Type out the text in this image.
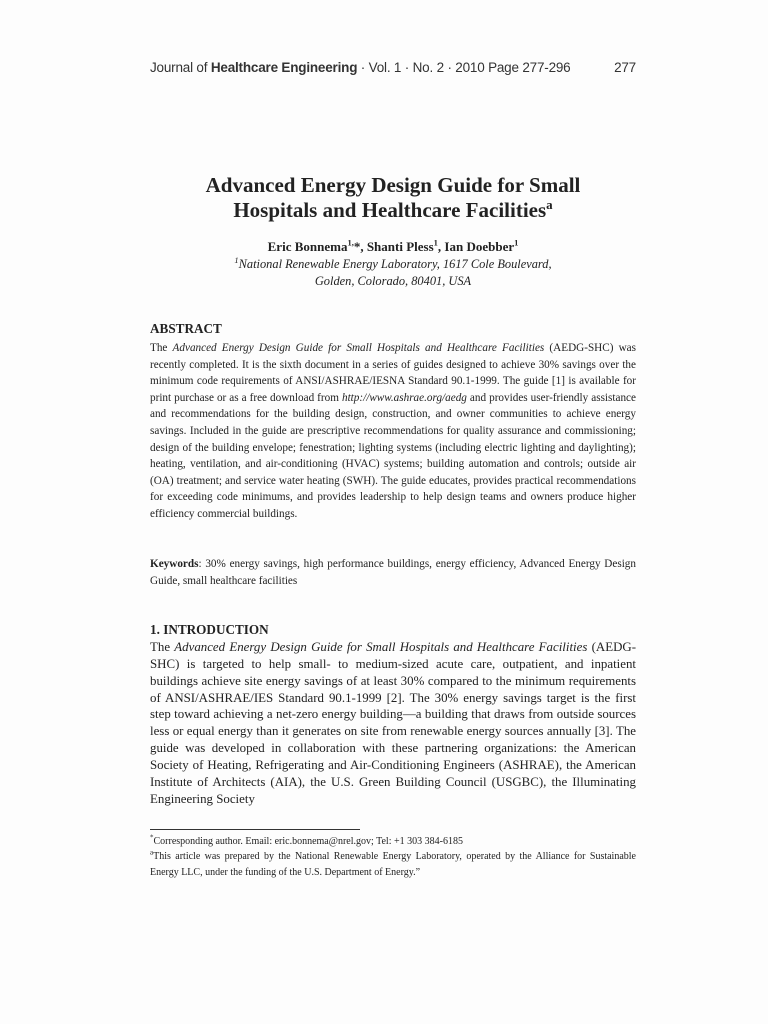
Journal of Healthcare Engineering · Vol. 1 · No. 2 · 2010 Page 277-296	277
Advanced Energy Design Guide for Small
Hospitals and Healthcare Facilities$^a$
Eric Bonnema$^{1,}$*, Shanti Pless$^1$, Ian Doebber$^1$
$^1$National Renewable Energy Laboratory, 1617 Cole Boulevard,
Golden, Colorado, 80401, USA
ABSTRACT
The Advanced Energy Design Guide for Small Hospitals and Healthcare Facilities (AEDG-SHC) was recently completed. It is the sixth document in a series of guides designed to achieve 30% savings over the minimum code requirements of ANSI/ASHRAE/IESNA Standard 90.1-1999. The guide [1] is available for print purchase or as a free download from http://www.ashrae.org/aedg and provides user-friendly assistance and recommendations for the building design, construction, and owner communities to achieve energy savings. Included in the guide are prescriptive recommendations for quality assurance and commissioning; design of the building envelope; fenestration; lighting systems (including electric lighting and daylighting); heating, ventilation, and air-conditioning (HVAC) systems; building automation and controls; outside air (OA) treatment; and service water heating (SWH). The guide educates, provides practical recommendations for exceeding code minimums, and provides leadership to help design teams and owners produce higher efficiency commercial buildings.
Keywords: 30% energy savings, high performance buildings, energy efficiency, Advanced Energy Design Guide, small healthcare facilities
1. INTRODUCTION
The Advanced Energy Design Guide for Small Hospitals and Healthcare Facilities (AEDG-SHC) is targeted to help small- to medium-sized acute care, outpatient, and inpatient buildings achieve site energy savings of at least 30% compared to the minimum requirements of ANSI/ASHRAE/IES Standard 90.1-1999 [2]. The 30% energy savings target is the first step toward achieving a net-zero energy building—a building that draws from outside sources less or equal energy than it generates on site from renewable energy sources annually [3]. The guide was developed in collaboration with these partnering organizations: the American Society of Heating, Refrigerating and Air-Conditioning Engineers (ASHRAE), the American Institute of Architects (AIA), the U.S. Green Building Council (USGBC), the Illuminating Engineering Society

*Corresponding author. Email: eric.bonnema@nrel.gov; Tel: +1 303 384-6185

$^a$This article was prepared by the National Renewable Energy Laboratory, operated by the Alliance for Sustainable Energy LLC, under the funding of the U.S. Department of Energy.”
